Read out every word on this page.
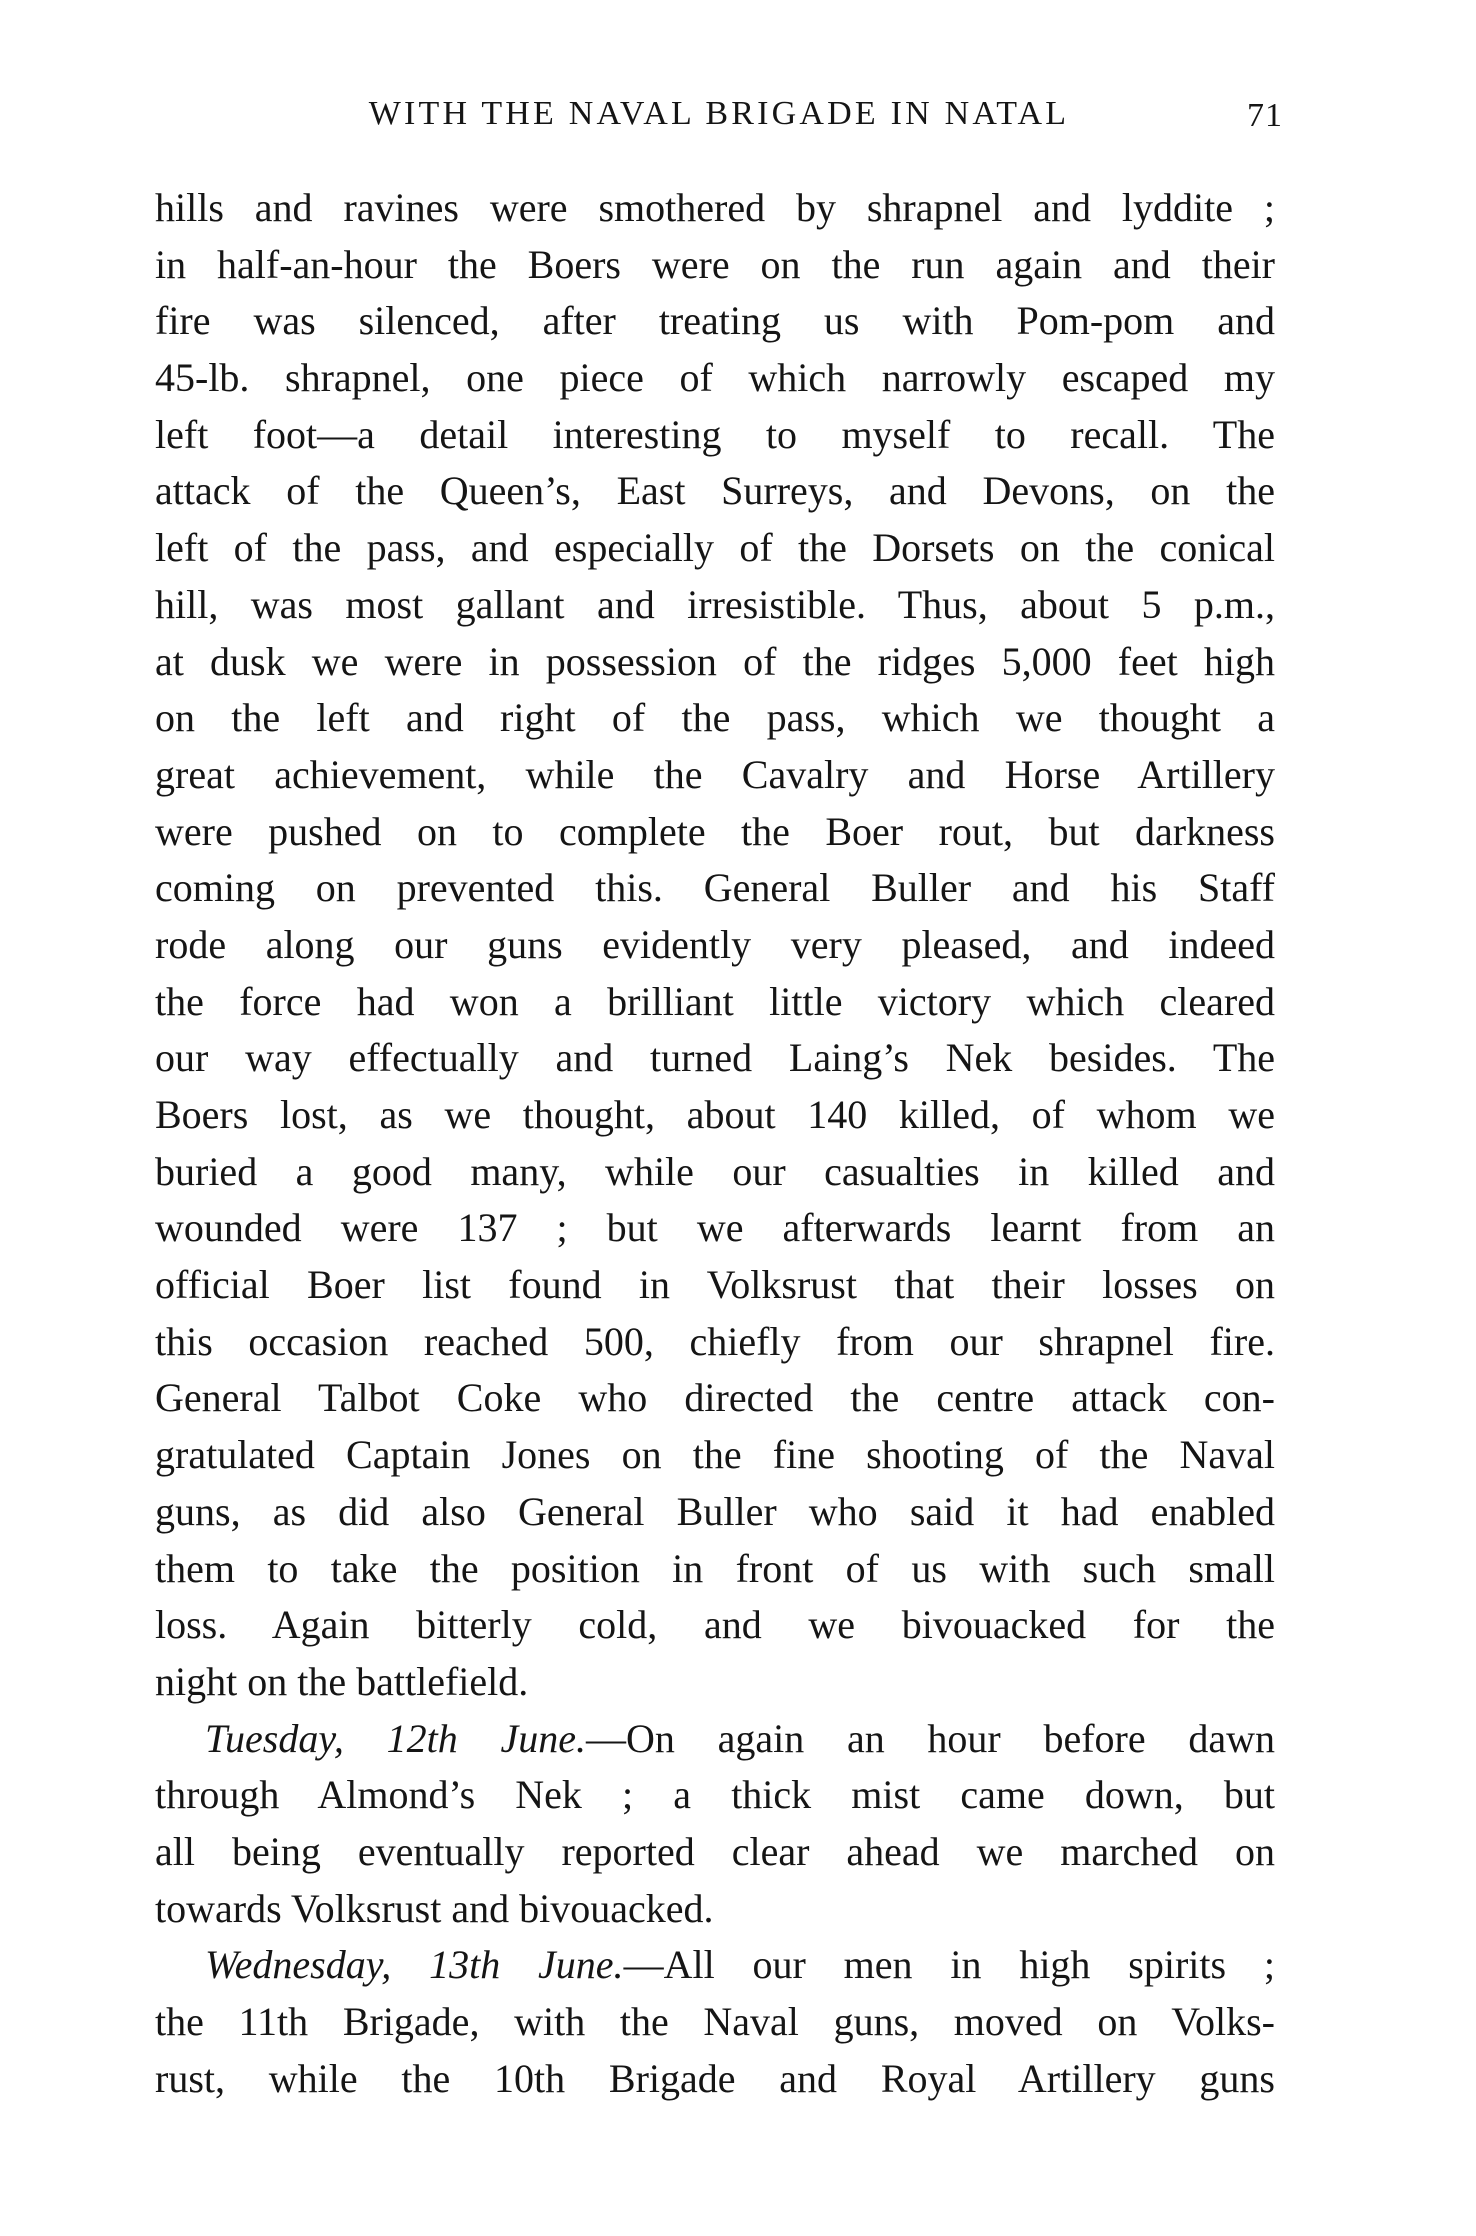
WITH THE NAVAL BRIGADE IN NATAL	71
hills and ravines were smothered by shrapnel and lyddite ;
in half-an-hour the Boers were on the run again and their
fire was silenced, after treating us with Pom-pom and
45-lb. shrapnel, one piece of which narrowly escaped my
left foot—a detail interesting to myself to recall. The
attack of the Queen’s, East Surreys, and Devons, on the
left of the pass, and especially of the Dorsets on the conical
hill, was most gallant and irresistible. Thus, about 5 p.m.,
at dusk we were in possession of the ridges 5,000 feet high
on the left and right of the pass, which we thought a
great achievement, while the Cavalry and Horse Artillery
were pushed on to complete the Boer rout, but darkness
coming on prevented this. General Buller and his Staff
rode along our guns evidently very pleased, and indeed
the force had won a brilliant little victory which cleared
our way effectually and turned Laing’s Nek besides. The
Boers lost, as we thought, about 140 killed, of whom we
buried a good many, while our casualties in killed and
wounded were 137 ; but we afterwards learnt from an
official Boer list found in Volksrust that their losses on
this occasion reached 500, chiefly from our shrapnel fire.
General Talbot Coke who directed the centre attack con-
gratulated Captain Jones on the fine shooting of the Naval
guns, as did also General Buller who said it had enabled
them to take the position in front of us with such small
loss. Again bitterly cold, and we bivouacked for the
night on the battlefield.
Tuesday, 12th June.—On again an hour before dawn
through Almond’s Nek ; a thick mist came down, but
all being eventually reported clear ahead we marched on
towards Volksrust and bivouacked.
Wednesday, 13th June.—All our men in high spirits ;
the 11th Brigade, with the Naval guns, moved on Volks-
rust, while the 10th Brigade and Royal Artillery guns
